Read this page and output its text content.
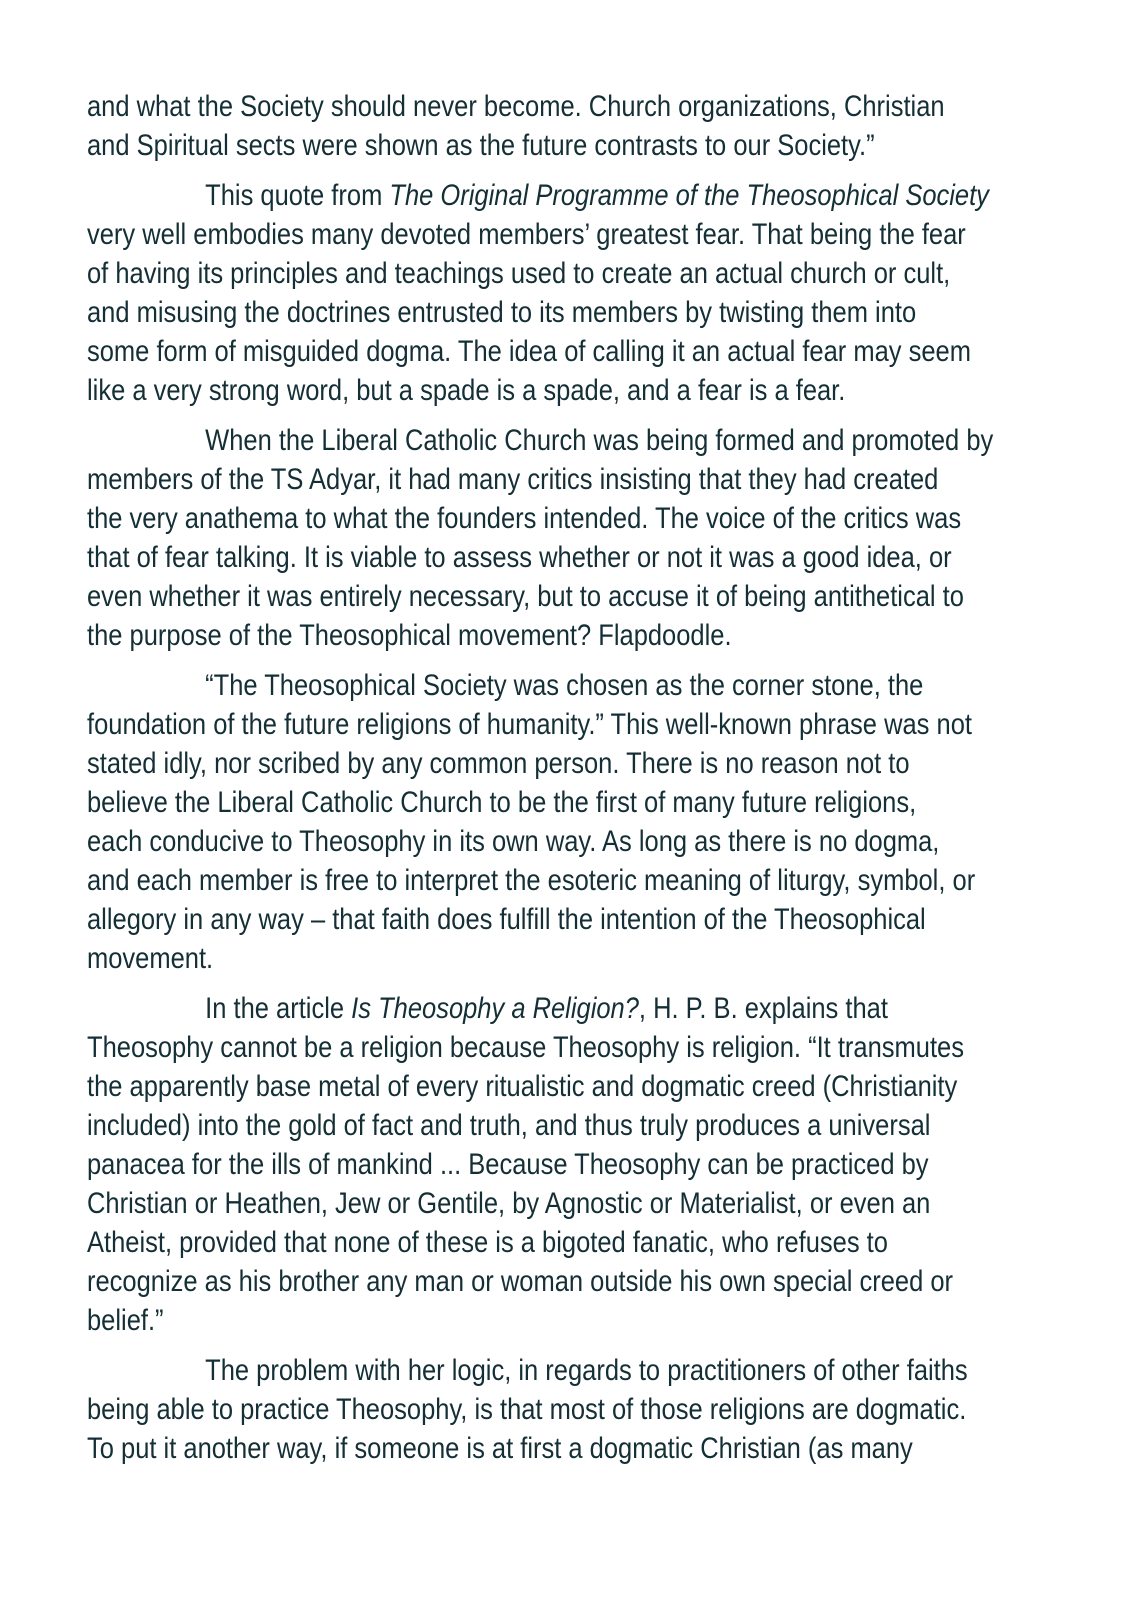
and what the Society should never become. Church organizations, Christian
and Spiritual sects were shown as the future contrasts to our Society.”
This quote from The Original Programme of the Theosophical Society
very well embodies many devoted members’ greatest fear. That being the fear
of having its principles and teachings used to create an actual church or cult,
and misusing the doctrines entrusted to its members by twisting them into
some form of misguided dogma. The idea of calling it an actual fear may seem
like a very strong word, but a spade is a spade, and a fear is a fear.
When the Liberal Catholic Church was being formed and promoted by
members of the TS Adyar, it had many critics insisting that they had created
the very anathema to what the founders intended. The voice of the critics was
that of fear talking. It is viable to assess whether or not it was a good idea, or
even whether it was entirely necessary, but to accuse it of being antithetical to
the purpose of the Theosophical movement? Flapdoodle.
“The Theosophical Society was chosen as the corner stone, the
foundation of the future religions of humanity.” This well-known phrase was not
stated idly, nor scribed by any common person. There is no reason not to
believe the Liberal Catholic Church to be the first of many future religions,
each conducive to Theosophy in its own way. As long as there is no dogma,
and each member is free to interpret the esoteric meaning of liturgy, symbol, or
allegory in any way – that faith does fulfill the intention of the Theosophical
movement.
In the article Is Theosophy a Religion?, H. P. B. explains that
Theosophy cannot be a religion because Theosophy is religion. “It transmutes
the apparently base metal of every ritualistic and dogmatic creed (Christianity
included) into the gold of fact and truth, and thus truly produces a universal
panacea for the ills of mankind ... Because Theosophy can be practiced by
Christian or Heathen, Jew or Gentile, by Agnostic or Materialist, or even an
Atheist, provided that none of these is a bigoted fanatic, who refuses to
recognize as his brother any man or woman outside his own special creed or
belief.”
The problem with her logic, in regards to practitioners of other faiths
being able to practice Theosophy, is that most of those religions are dogmatic.
To put it another way, if someone is at first a dogmatic Christian (as many
